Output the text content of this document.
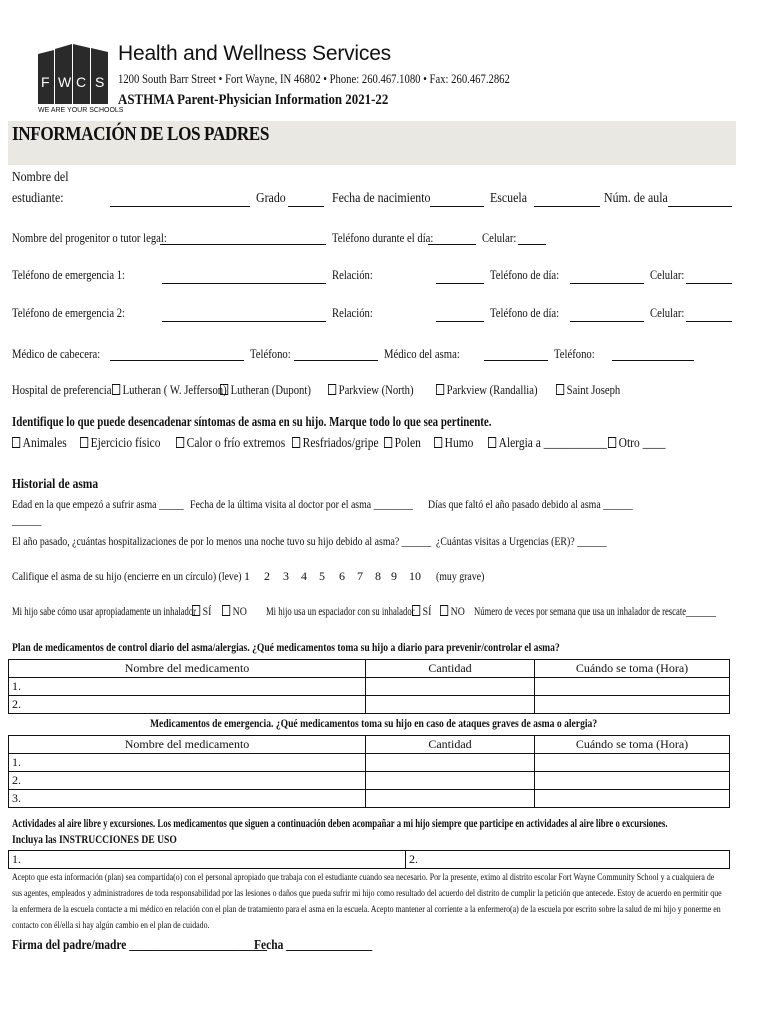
F W C S
WE ARE YOUR SCHOOLS
Health and Wellness Services
1200 South Barr Street • Fort Wayne, IN 46802 • Phone: 260.467.1080 • Fax: 260.467.2862
ASTHMA Parent-Physician Information 2021-22
INFORMACIÓN DE LOS PADRES
Nombre del
estudiante:	Grado	Fecha de nacimiento	Escuela	Núm. de aula
Nombre del progenitor o tutor legal:	Teléfono durante el día:	Celular:
Teléfono de emergencia 1:	Relación:	Teléfono de día:	Celular:
Teléfono de emergencia 2:	Relación:	Teléfono de día:	Celular:
Médico de cabecera:	Teléfono:	Médico del asma:	Teléfono:
Hospital de preferencia Lutheran ( W. Jefferson) Lutheran (Dupont)	Parkview (North)	Parkview (Randallia)	Saint Joseph
Identifique lo que puede desencadenar síntomas de asma en su hijo. Marque todo lo que sea pertinente.
Animales	Ejercicio físico	Calor o frío extremos	Resfriados/gripe	Polen	Humo	Alergia a ___________ Otro ____
Historial de asma
Edad en la que empezó a sufrir asma _____ Fecha de la última visita al doctor por el asma ________ Días que faltó el año pasado debido al asma ______
______
El año pasado, ¿cuántas hospitalizaciones de por lo menos una noche tuvo su hijo debido al asma? ______ ¿Cuántas visitas a Urgencias (ER)? ______
Califique el asma de su hijo (encierre en un círculo) (leve) 1 2 3 4 5 6 7 8 9 10 (muy grave)
Mi hijo sabe cómo usar apropiadamente un inhalador SÍ	NO Mi hijo usa un espaciador con su inhalador SÍ	NO Número de veces por semana que usa un inhalador de rescate _____
Plan de medicamentos de control diario del asma/alergias. ¿Qué medicamentos toma su hijo a diario para prevenir/controlar el asma?
Nombre del medicamento	Cantidad	Cuándo se toma (Hora)
1.		
2.		
Medicamentos de emergencia. ¿Qué medicamentos toma su hijo en caso de ataques graves de asma o alergia?
Nombre del medicamento	Cantidad	Cuándo se toma (Hora)
1.		
2.		
3.		
Actividades al aire libre y excursiones. Los medicamentos que siguen a continuación deben acompañar a mi hijo siempre que participe en actividades al aire libre o excursiones.
Incluya las INSTRUCCIONES DE USO
1.	2.
Acepto que esta información (plan) sea compartida(o) con el personal apropiado que trabaja con el estudiante cuando sea necesario. Por la presente, eximo al distrito escolar Fort Wayne Community School y a cualquiera de sus agentes, empleados y administradores de toda responsabilidad por las lesiones o daños que pueda sufrir mi hijo como resultado del acuerdo del distrito de cumplir la petición que antecede. Estoy de acuerdo en permitir que la enfermera de la escuela contacte a mi médico en relación con el plan de tratamiento para el asma en la escuela. Acepto mantener al corriente a la enfermero(a) de la escuela por escrito sobre la salud de mi hijo y ponerme en contacto con él/ella si hay algún cambio en el plan de cuidado.
Firma del padre/madre ________________________
Fecha _______________
